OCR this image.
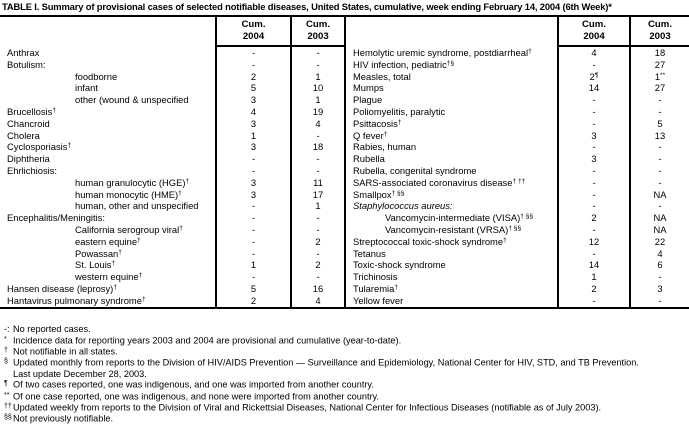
TABLE I. Summary of provisional cases of selected notifiable diseases, United States, cumulative, week ending February 14, 2004 (6th Week)*

Cum.
2004

Cum.
2003

Anthrax	-	-
Botulism:	-	-
foodborne	2	1
infant	5	10
other (wound & unspecified	3	1
Brucellosis†	4	19
Chancroid	3	4
Cholera	1	-
Cyclosporiasis†	3	18
Diphtheria	-	-
Ehrlichiosis:	-	-
human granulocytic (HGE)†	3	11
human monocytic (HME)†	3	17
human, other and unspecified	-	1
Encephalitis/Meningitis:	-	-
California serogroup viral†	-	-
eastern equine†	-	2
Powassan†	-	-
St. Louis†	1	2
western equine†	-	-
Hansen disease (leprosy)†	5	16
Hantavirus pulmonary syndrome†	2	4

Cum.
2004

Cum.
2003

Hemolytic uremic syndrome, postdiarrheal†	4	18
HIV infection, pediatric†§	-	27
Measles, total	2¶	1**
Mumps	14	27
Plague	-	-
Poliomyelitis, paralytic	-	-
Psittacosis†	-	5
Q fever†	3	13
Rabies, human	-	-
Rubella	3	-
Rubella, congenital syndrome	-	-
SARS-associated coronavirus disease† ††	-	-
Smallpox† §§	-	NA
Staphylococcus aureus:	-	-
Vancomycin-intermediate (VISA)† §§	2	NA
Vancomycin-resistant (VRSA)† §§	-	NA
Streptococcal toxic-shock syndrome†	12	22
Tetanus	-	4
Toxic-shock syndrome	14	6
Trichinosis	1	-
Tularemia†	2	3
Yellow fever	-	-
-: No reported cases.
* Incidence data for reporting years 2003 and 2004 are provisional and cumulative (year-to-date).
† Not notifiable in all states.
§ Updated monthly from reports to the Division of HIV/AIDS Prevention — Surveillance and Epidemiology, National Center for HIV, STD, and TB Prevention.
Last update December 28, 2003.
¶ Of two cases reported, one was indigenous, and one was imported from another country.
** Of one case reported, one was indigenous, and none were imported from another country.
††Updated weekly from reports to the Division of Viral and Rickettsial Diseases, National Center for Infectious Diseases (notifiable as of July 2003).
§§Not previously notifiable.
